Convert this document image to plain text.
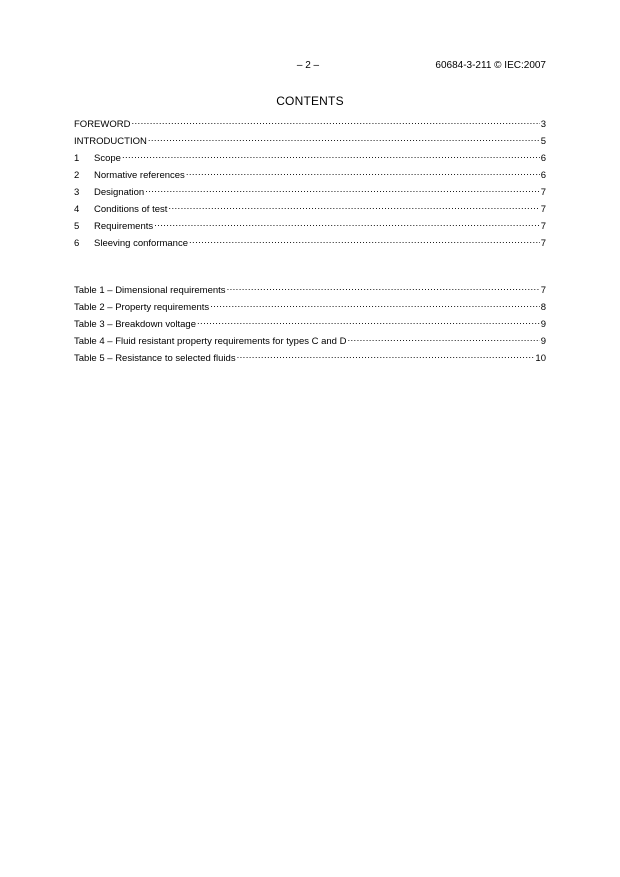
– 2 –	60684-3-211 © IEC:2007
CONTENTS
FOREWORD .....	3
INTRODUCTION .....	5
1	Scope .....	6
2	Normative references .....	6
3	Designation .....	7
4	Conditions of test .....	7
5	Requirements .....	7
6	Sleeving conformance .....	7
Table 1 – Dimensional requirements .....	7
Table 2 – Property requirements .....	8
Table 3 – Breakdown voltage .....	9
Table 4 – Fluid resistant property requirements for types C and D .....	9
Table 5 – Resistance to selected fluids .....	10
